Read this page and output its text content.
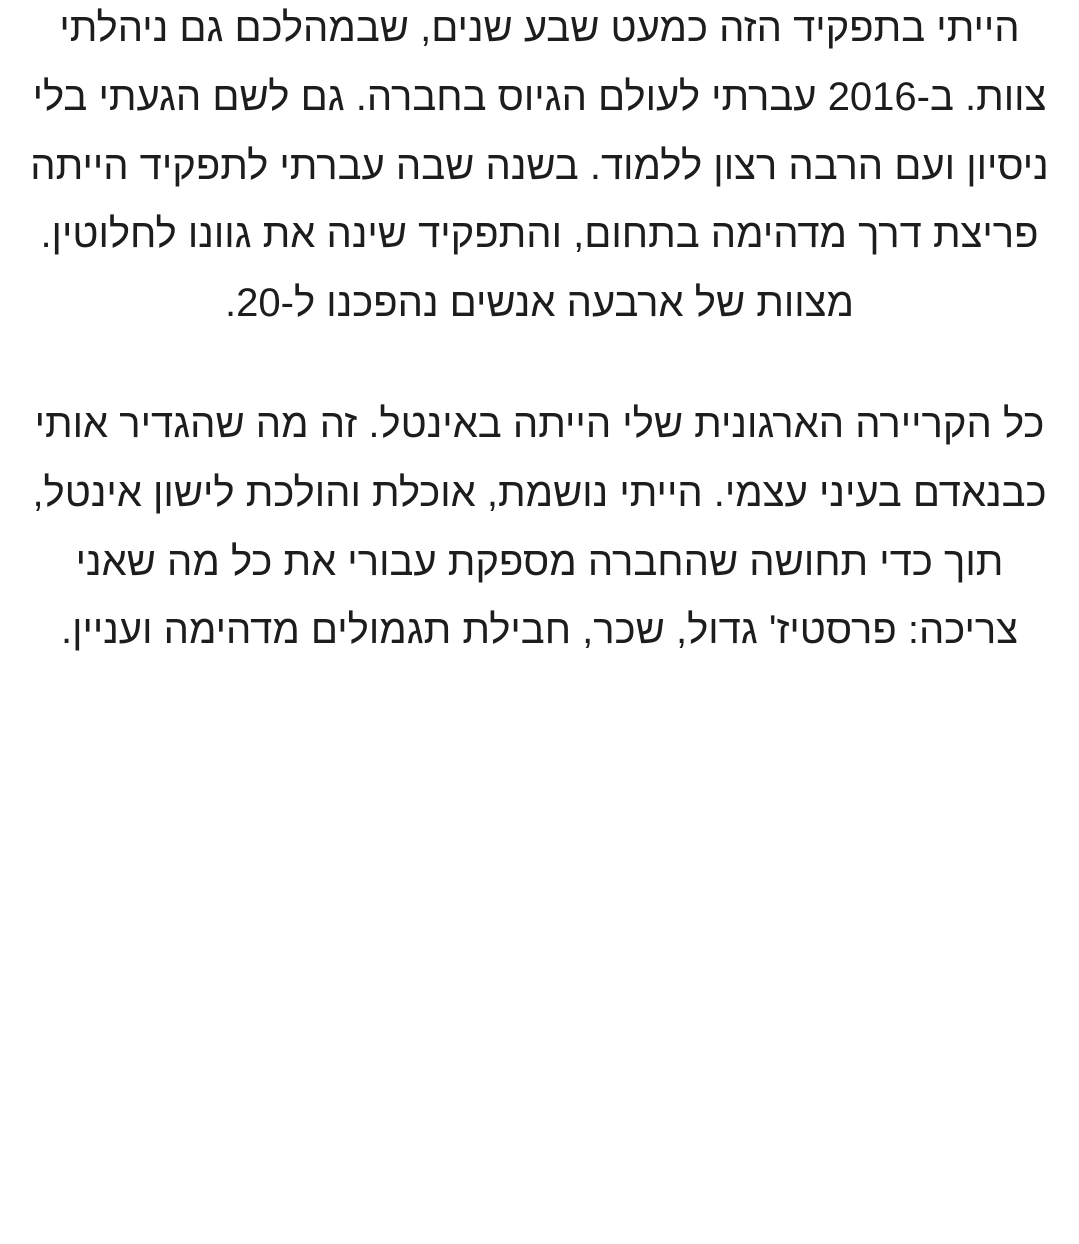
הייתי בתפקיד הזה כמעט שבע שנים, שבמהלכם גם ניהלתי צוות. ב-2016 עברתי לעולם הגיוס בחברה. גם לשם הגעתי בלי ניסיון ועם הרבה רצון ללמוד. בשנה שבה עברתי לתפקיד הייתה פריצת דרך מדהימה בתחום, והתפקיד שינה את גוונו לחלוטין. מצוות של ארבעה אנשים נהפכנו ל-20.

כל הקריירה הארגונית שלי הייתה באינטל. זה מה שהגדיר אותי כבנאדם בעיני עצמי. הייתי נושמת, אוכלת והולכת לישון אינטל, תוך כדי תחושה שהחברה מספקת עבורי את כל מה שאני צריכה: פרסטיז' גדול, שכר, חבילת תגמולים מדהימה ועניין.
